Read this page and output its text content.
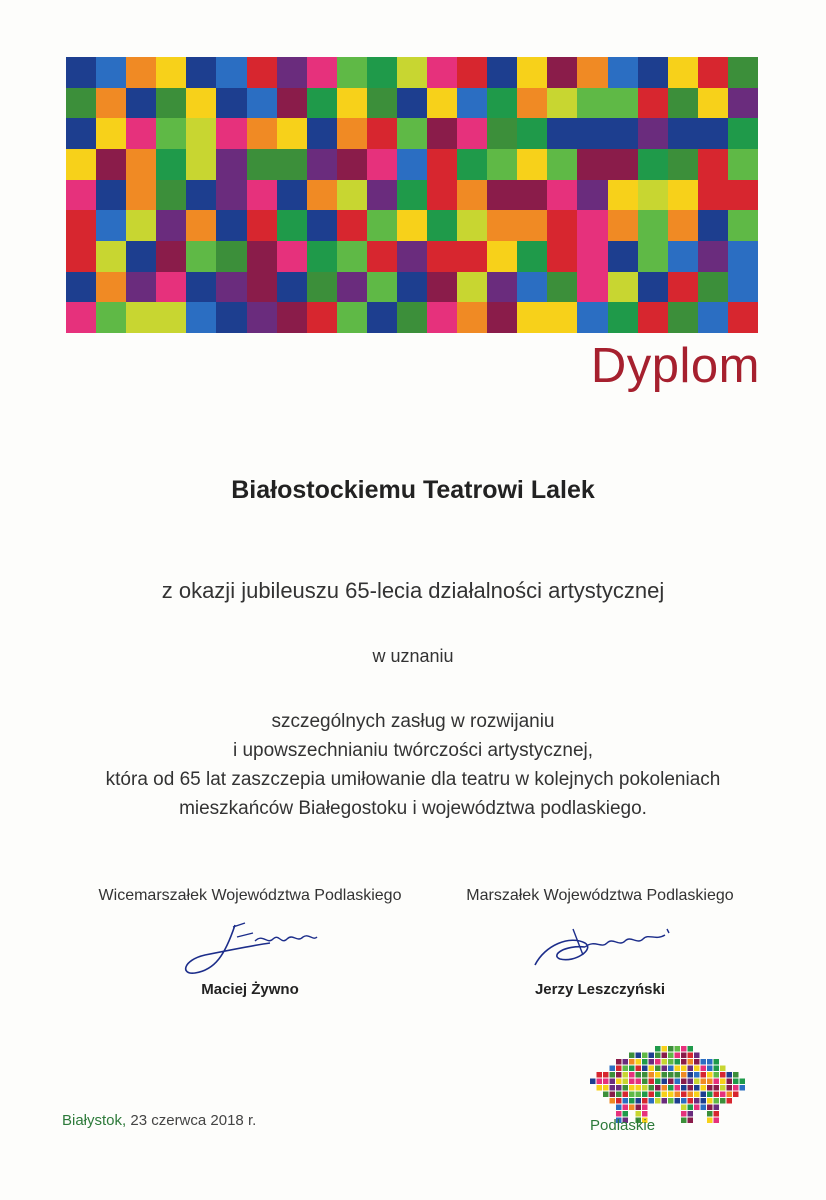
Dyplom
Białostockiemu Teatrowi Lalek
z okazji jubileuszu 65-lecia działalności artystycznej
w uznaniu
szczególnych zasług w rozwijaniu
i upowszechnianiu twórczości artystycznej,
która od 65 lat zaszczepia umiłowanie dla teatru w kolejnych pokoleniach
mieszkańców Białegostoku i województwa podlaskiego.
Wicemarszałek Województwa Podlaskiego
Maciej Żywno
Marszałek Województwa Podlaskiego
Jerzy Leszczyński
Białystok, 23 czerwca 2018 r.	Podlaskie
